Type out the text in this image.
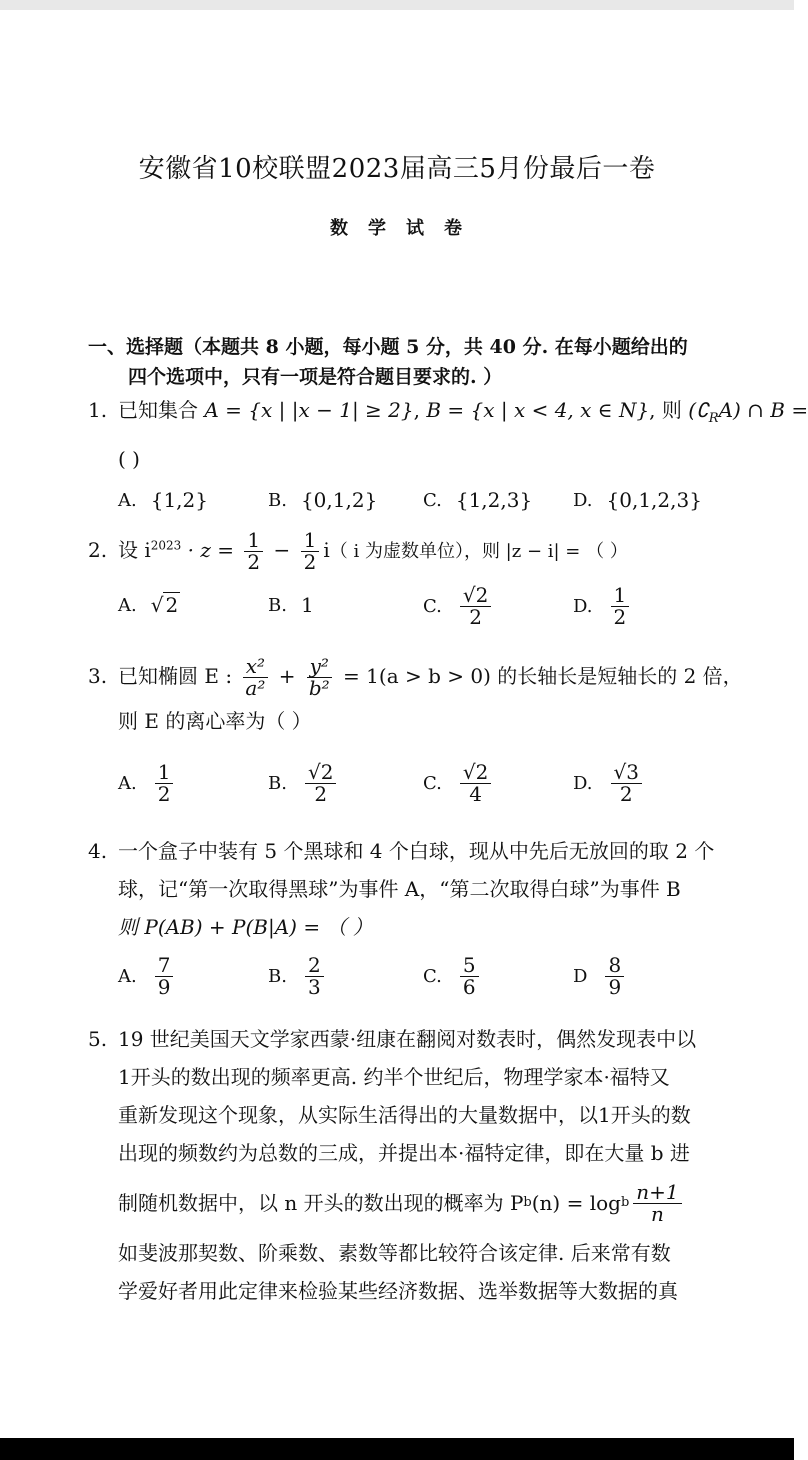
安徽省10校联盟2023届高三5月份最后一卷
数学试卷
一、选择题（本题共 8 小题，每小题 5 分，共 40 分. 在每小题给出的
四个选项中，只有一项是符合题目要求的. ）
1. 已知集合 A = {x | |x − 1| ≥ 2}, B = {x | x < 4, x ∈ N}, 则 $(∁_RA)$ ∩ B =
( )
A. {1,2}	B. {0,1,2}	C. {1,2,3} D. {0,1,2,3}
2. 设 $i^{2023} \cdot z = \frac{1}{2} - \frac{1}{2} i$（ i 为虚数单位），则 |z − i| = （ ）
A. √ 2	B. 1	C. $\frac{√2}{2}$	D. $\frac{1}{2}$
3. 已知椭圆 E : $\frac{\text{x²}}{\text{a²}} + \frac{\text{y²}}{\text{b²}} = 1(a > b > 0)$ 的长轴长是短轴长的 2 倍，
则 E 的离心率为（ ）
A. $\frac{1}{2}$	B. $\frac{√2}{2}$	C. $\frac{√2}{4}$	D. $\frac{√3}{2}$
4. 一个盒子中装有 5 个黑球和 4 个白球，现从中先后无放回的取 2 个
球，记“第一次取得黑球”为事件 A，“第二次取得白球”为事件 B
则 P(AB) + P(B|A) = （ ）
A. $\frac{7}{9}$	B. $\frac{2}{3}$	C. $\frac{5}{6}$	D $\frac{8}{9}$
5. 19 世纪美国天文学家西蒙·纽康在翻阅对数表时，偶然发现表中以
1开头的数出现的频率更高. 约半个世纪后，物理学家本·福特又
重新发现这个现象，从实际生活得出的大量数据中，以1开头的数
出现的频数约为总数的三成，并提出本·福特定律，即在大量 b 进
制随机数据中，以 n 开头的数出现的概率为 P b (n) = log b $\frac{n+1}{n}$
如斐波那契数、阶乘数、素数等都比较符合该定律. 后来常有数
学爱好者用此定律来检验某些经济数据、选举数据等大数据的真
